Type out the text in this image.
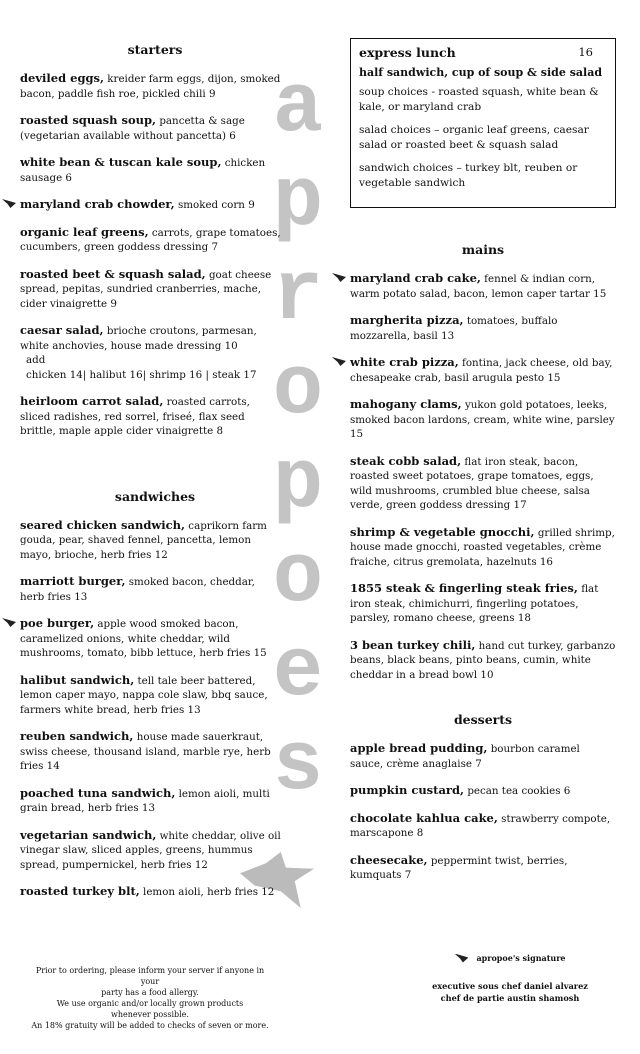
a
p
r
o
p
o
e
s
starters
deviled eggs, kreider farm eggs, dijon, smoked bacon, paddle fish roe, pickled chili 9
roasted squash soup, pancetta & sage (vegetarian available without pancetta) 6
white bean & tuscan kale soup, chicken sausage 6
maryland crab chowder, smoked corn 9
organic leaf greens, carrots, grape tomatoes, cucumbers, green goddess dressing 7
roasted beet & squash salad, goat cheese spread, pepitas, sundried cranberries, mache, cider vinaigrette 9
caesar salad, brioche croutons, parmesan, white anchovies, house made dressing 10
add
chicken 14| halibut 16| shrimp 16 | steak 17
heirloom carrot salad, roasted carrots, sliced radishes, red sorrel, friseé, flax seed brittle, maple apple cider vinaigrette 8
sandwiches
seared chicken sandwich, caprikorn farm gouda, pear, shaved fennel, pancetta, lemon mayo, brioche, herb fries 12
marriott burger, smoked bacon, cheddar, herb fries 13
poe burger, apple wood smoked bacon, caramelized onions, white cheddar, wild mushrooms, tomato, bibb lettuce, herb fries 15
halibut sandwich, tell tale beer battered, lemon caper mayo, nappa cole slaw, bbq sauce, farmers white bread, herb fries 13
reuben sandwich, house made sauerkraut, swiss cheese, thousand island, marble rye, herb fries 14
poached tuna sandwich, lemon aioli, multi grain bread, herb fries 13
vegetarian sandwich, white cheddar, olive oil vinegar slaw, sliced apples, greens, hummus spread, pumpernickel, herb fries 12
roasted turkey blt, lemon aioli, herb fries 12
express lunch	16
half sandwich, cup of soup & side salad

soup choices - roasted squash, white bean & kale, or maryland crab

salad choices – organic leaf greens, caesar salad or roasted beet & squash salad

sandwich choices – turkey blt, reuben or vegetable sandwich

mains
maryland crab cake, fennel & indian corn, warm potato salad, bacon, lemon caper tartar 15
margherita pizza, tomatoes, buffalo mozzarella, basil 13
white crab pizza, fontina, jack cheese, old bay, chesapeake crab, basil arugula pesto 15
mahogany clams, yukon gold potatoes, leeks, smoked bacon lardons, cream, white wine, parsley 15
steak cobb salad, flat iron steak, bacon, roasted sweet potatoes, grape tomatoes, eggs, wild mushrooms, crumbled blue cheese, salsa verde, green goddess dressing 17
shrimp & vegetable gnocchi, grilled shrimp, house made gnocchi, roasted vegetables, crème fraiche, citrus gremolata, hazelnuts 16
1855 steak & fingerling steak fries, flat iron steak, chimichurri, fingerling potatoes, parsley, romano cheese, greens 18
3 bean turkey chili, hand cut turkey, garbanzo beans, black beans, pinto beans, cumin, white cheddar in a bread bowl 10
desserts
apple bread pudding, bourbon caramel sauce, crème anaglaise 7
pumpkin custard, pecan tea cookies 6
chocolate kahlua cake, strawberry compote, marscapone 8
cheesecake, peppermint twist, berries, kumquats 7
Prior to ordering, please inform your server if anyone in your
party has a food allergy.
We use organic and/or locally grown products
whenever possible.
An 18% gratuity will be added to checks of seven or more.
apropoe's signature
executive sous chef daniel alvarez
chef de partie austin shamosh
